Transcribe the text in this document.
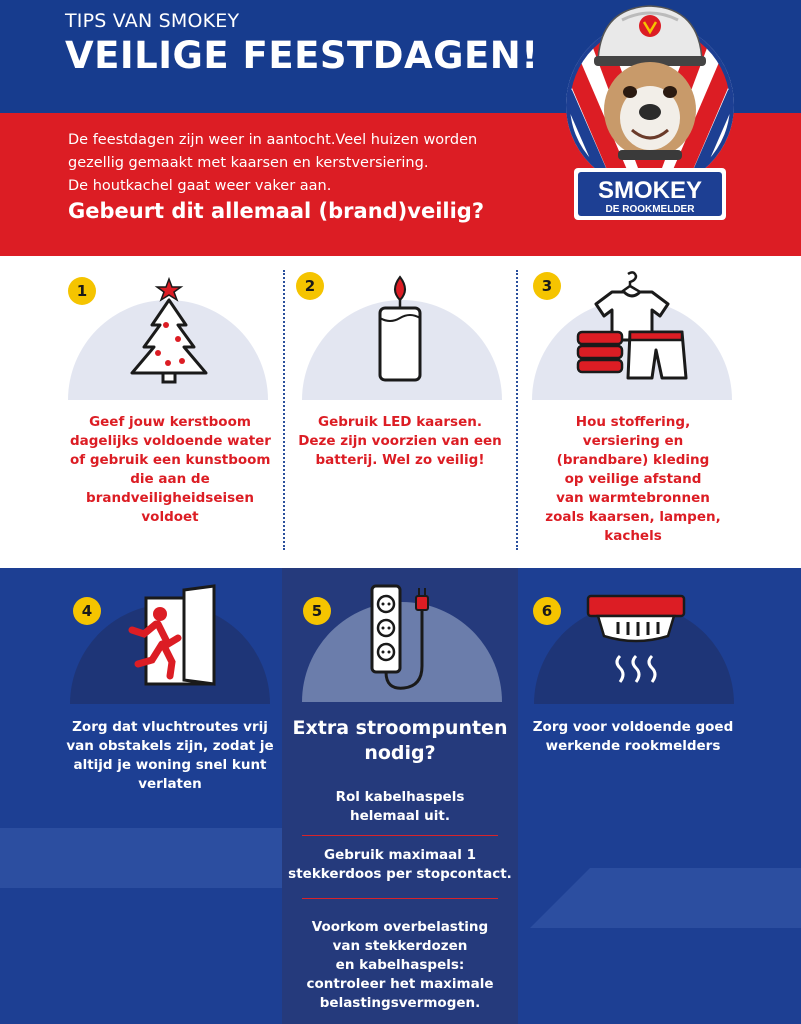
TIPS VAN SMOKEY
VEILIGE FEESTDAGEN!
De feestdagen zijn weer in aantocht.Veel huizen worden
gezellig gemaakt met kaarsen en kerstversiering.
De houtkachel gaat weer vaker aan.
Gebeurt dit allemaal (brand)veilig?
SMOKEY
DE ROOKMELDER
1
Geef jouw kerstboom
dagelijks voldoende water
of gebruik een kunstboom
die aan de
brandveiligheidseisen
voldoet
2
Gebruik LED kaarsen.
Deze zijn voorzien van een
batterij. Wel zo veilig!
3
Hou stoffering,
versiering en
(brandbare) kleding
op veilige afstand
van warmtebronnen
zoals kaarsen, lampen,
kachels
4
Zorg dat vluchtroutes vrij
van obstakels zijn, zodat je
altijd je woning snel kunt
verlaten
5
Extra stroompunten
nodig?
Rol kabelhaspels
helemaal uit.
Gebruik maximaal 1
stekkerdoos per stopcontact.
Voorkom overbelasting
van stekkerdozen
en kabelhaspels:
controleer het maximale
belastingsvermogen.
6
Zorg voor voldoende goed
werkende rookmelders
